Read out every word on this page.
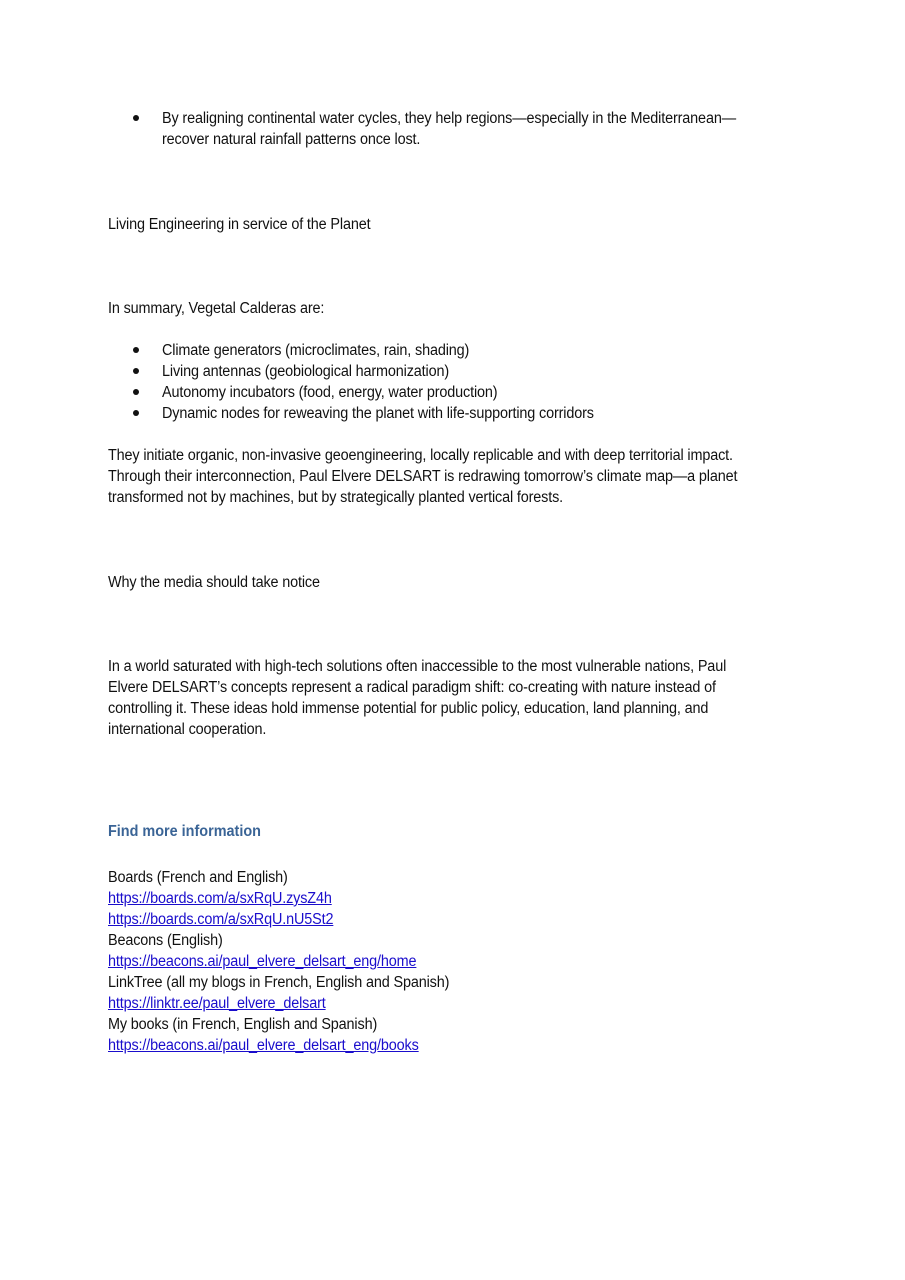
By realigning continental water cycles, they help regions—especially in the Mediterranean—
recover natural rainfall patterns once lost.
Living Engineering in service of the Planet
In summary, Vegetal Calderas are:
Climate generators (microclimates, rain, shading)
Living antennas (geobiological harmonization)
Autonomy incubators (food, energy, water production)
Dynamic nodes for reweaving the planet with life-supporting corridors
They initiate organic, non-invasive geoengineering, locally replicable and with deep territorial impact.
Through their interconnection, Paul Elvere DELSART is redrawing tomorrow’s climate map—a planet
transformed not by machines, but by strategically planted vertical forests.
Why the media should take notice
In a world saturated with high-tech solutions often inaccessible to the most vulnerable nations, Paul
Elvere DELSART’s concepts represent a radical paradigm shift: co-creating with nature instead of
controlling it. These ideas hold immense potential for public policy, education, land planning, and
international cooperation.
Find more information
Boards (French and English)
https://boards.com/a/sxRqU.zysZ4h
https://boards.com/a/sxRqU.nU5St2
Beacons (English)
https://beacons.ai/paul_elvere_delsart_eng/home
LinkTree (all my blogs in French, English and Spanish)
https://linktr.ee/paul_elvere_delsart
My books (in French, English and Spanish)
https://beacons.ai/paul_elvere_delsart_eng/books
